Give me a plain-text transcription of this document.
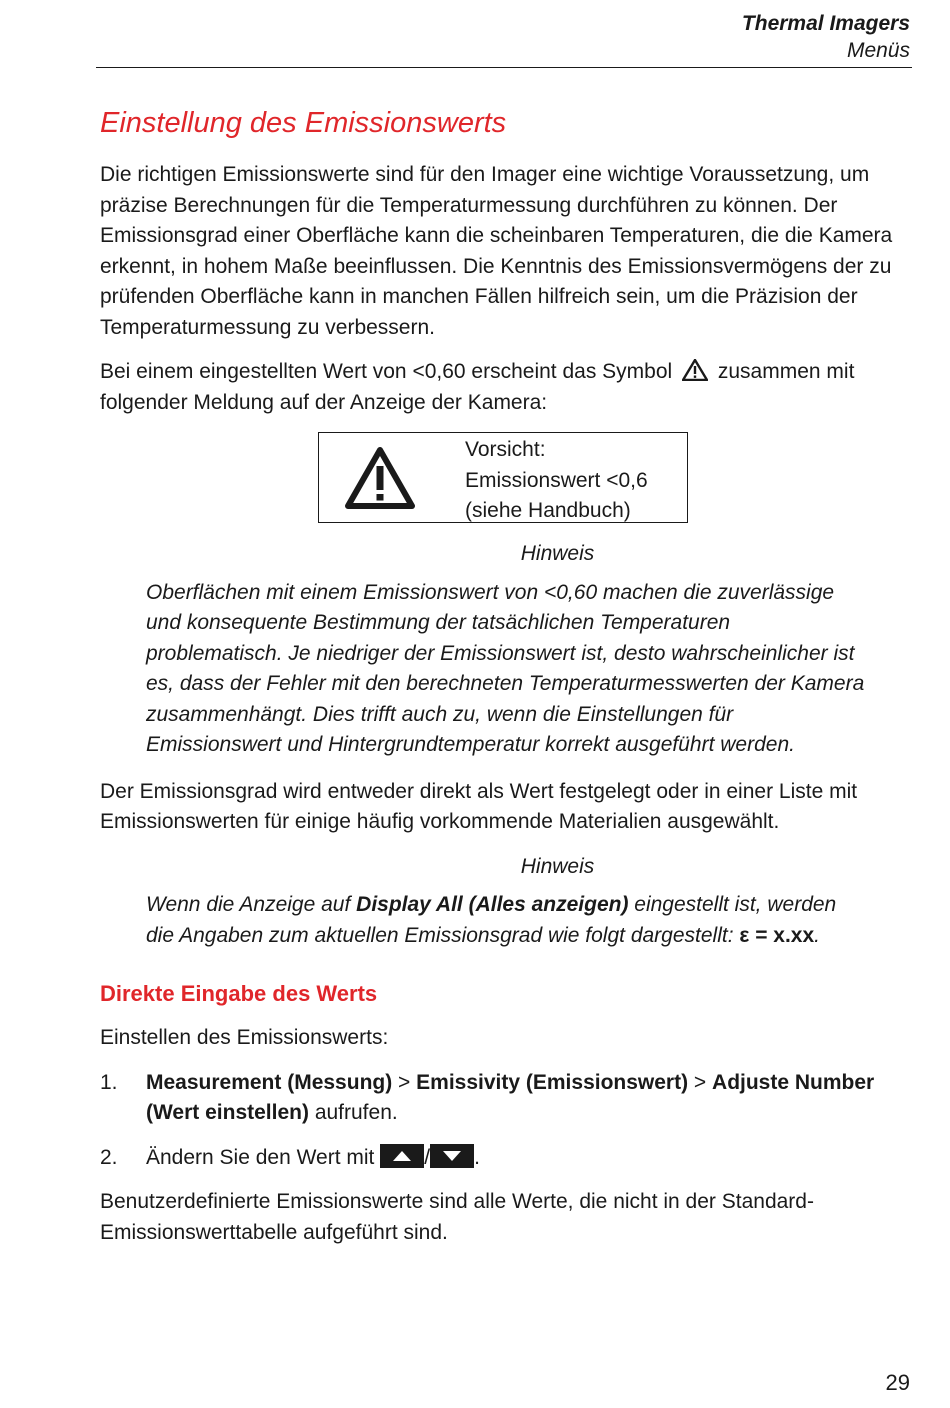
Thermal Imagers
Menüs
Einstellung des Emissionswerts

Die richtigen Emissionswerte sind für den Imager eine wichtige Voraussetzung, um präzise Berechnungen für die Temperaturmessung durchführen zu können. Der Emissionsgrad einer Oberfläche kann die scheinbaren Temperaturen, die die Kamera erkennt, in hohem Maße beeinflussen. Die Kenntnis des Emissionsvermögens der zu prüfenden Oberfläche kann in manchen Fällen hilfreich sein, um die Präzision der Temperaturmessung zu verbessern.

Bei einem eingestellten Wert von <0,60 erscheint das Symbol zusammen mit folgender Meldung auf der Anzeige der Kamera:

Vorsicht:
Emissionswert <0,6
(siehe Handbuch)
Hinweis
Oberflächen mit einem Emissionswert von <0,60 machen die zuverlässige und konsequente Bestimmung der tatsächlichen Temperaturen problematisch. Je niedriger der Emissionswert ist, desto wahrscheinlicher ist es, dass der Fehler mit den berechneten Temperaturmesswerten der Kamera zusammenhängt. Dies trifft auch zu, wenn die Einstellungen für Emissionswert und Hintergrundtemperatur korrekt ausgeführt werden.

Der Emissionsgrad wird entweder direkt als Wert festgelegt oder in einer Liste mit Emissionswerten für einige häufig vorkommende Materialien ausgewählt.

Hinweis
Wenn die Anzeige auf Display All (Alles anzeigen) eingestellt ist, werden die Angaben zum aktuellen Emissionsgrad wie folgt dargestellt: ε = x.xx.
Direkte Eingabe des Werts

Einstellen des Emissionswerts:

1.	Measurement (Messung) > Emissivity (Emissionswert) > Adjuste Number (Wert einstellen) aufrufen.
2.	Ändern Sie den Wert mit
/ .

Benutzerdefinierte Emissionswerte sind alle Werte, die nicht in der Standard-Emissionswerttabelle aufgeführt sind.

29
